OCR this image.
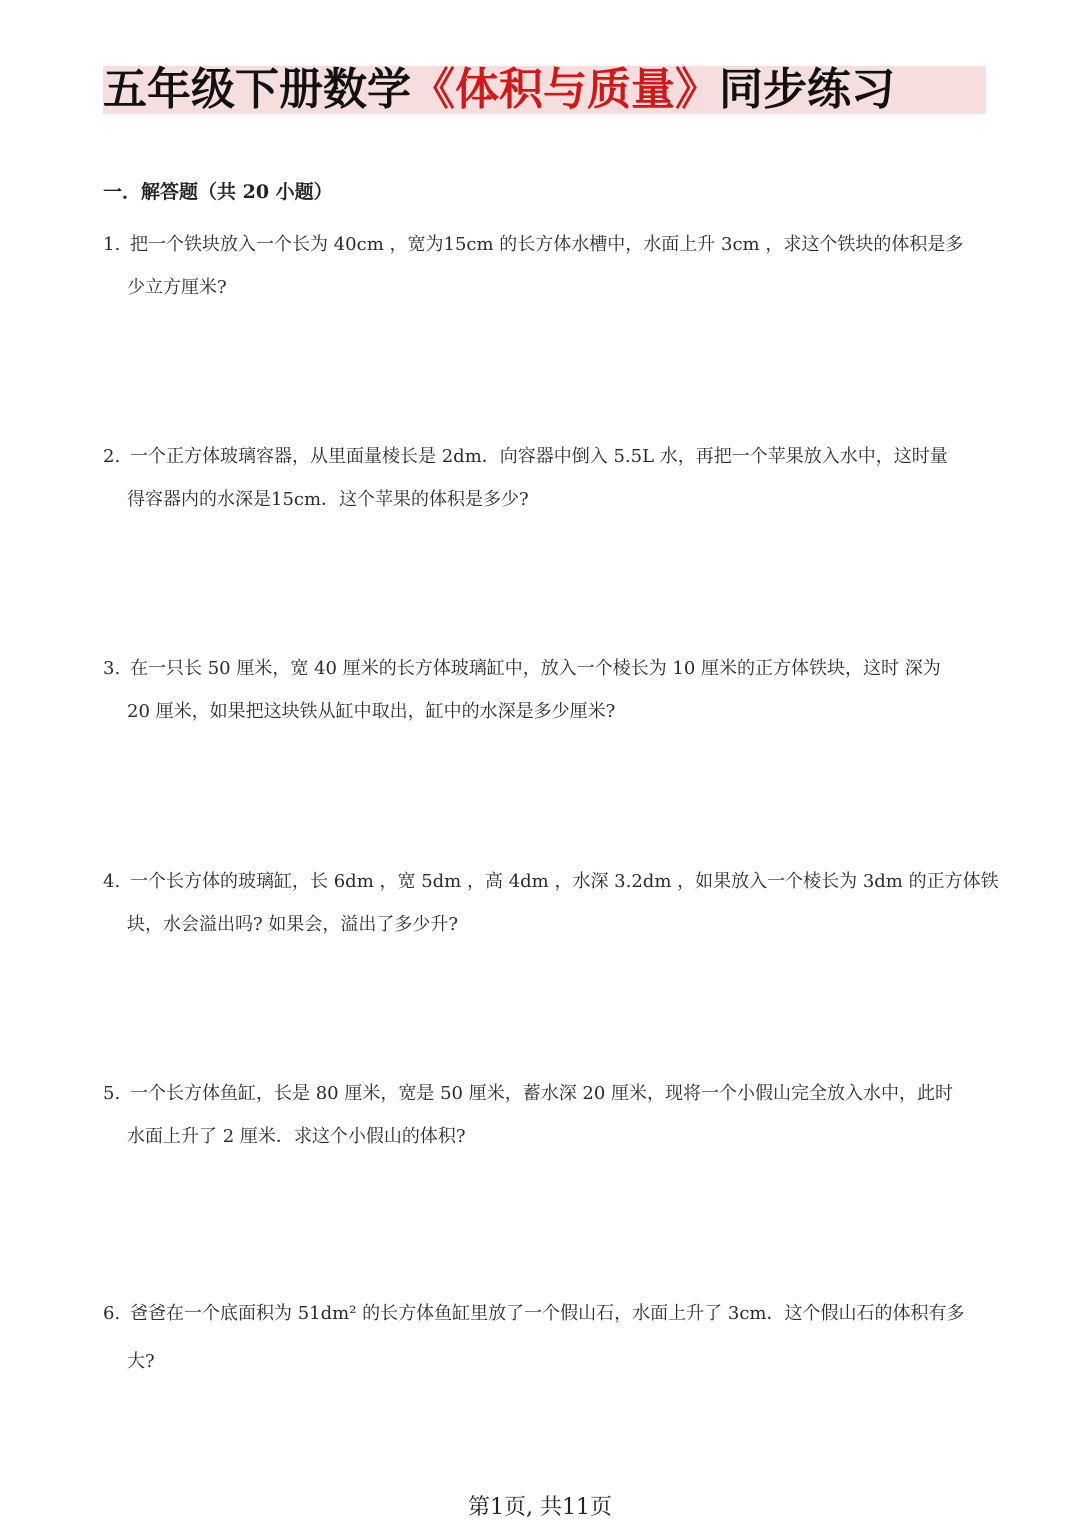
五年级下册数学 《体积与质量》 同步练习
一．解答题（共 20 小题）
1. 把一个铁块放入一个长为 40cm ，宽为15cm 的长方体水槽中，水面上升 3cm ，求这个铁块的体积是多
少立方厘米?
2. 一个正方体玻璃容器，从里面量棱长是 2dm．向容器中倒入 5.5L 水，再把一个苹果放入水中，这时量
得容器内的水深是15cm．这个苹果的体积是多少?
3. 在一只长 50 厘米，宽 40 厘米的长方体玻璃缸中，放入一个棱长为 10 厘米的正方体铁块，这时 深为
20 厘米，如果把这块铁从缸中取出，缸中的水深是多少厘米?
4. 一个长方体的玻璃缸，长 6dm ，宽 5dm ，高 4dm ，水深 3.2dm ，如果放入一个棱长为 3dm 的正方体铁
块，水会溢出吗? 如果会，溢出了多少升?
5. 一个长方体鱼缸，长是 80 厘米，宽是 50 厘米，蓄水深 20 厘米，现将一个小假山完全放入水中，此时
水面上升了 2 厘米．求这个小假山的体积?
6. 爸爸在一个底面积为 51dm² 的长方体鱼缸里放了一个假山石，水面上升了 3cm．这个假山石的体积有多
大?
第1页, 共11页
